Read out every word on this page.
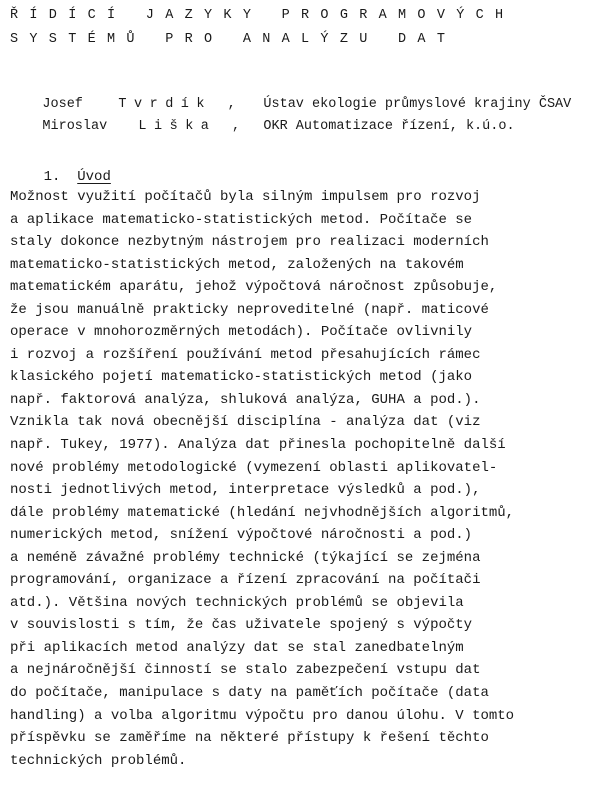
ŘÍDÍCÍ JAZYKY PROGRAMOVÝCH
SYSTÉMŮ PRO ANALÝZU DAT

Josef	Tvrdík , Ústav ekologie průmyslové krajiny ČSAV

Miroslav Liška , OKR Automatizace řízení, k.ú.o.

1. Úvod

Možnost využití počítačů byla silným impulsem pro rozvoj
a aplikace matematicko-statistických metod. Počítače se
staly dokonce nezbytným nástrojem pro realizaci moderních
matematicko-statistických metod, založených na takovém
matematickém aparátu, jehož výpočtová náročnost způsobuje,
že jsou manuálně prakticky neproveditelné (např. maticové
operace v mnohorozměrných metodách). Počítače ovlivnily
i rozvoj a rozšíření používání metod přesahujících rámec
klasického pojetí matematicko-statistických metod (jako
např. faktorová analýza, shluková analýza, GUHA a pod.).
Vznikla tak nová obecnější disciplína - analýza dat (viz
např. Tukey, 1977). Analýza dat přinesla pochopitelně další
nové problémy metodologické (vymezení oblasti aplikovatel-
nosti jednotlivých metod, interpretace výsledků a pod.),
dále problémy matematické (hledání nejvhodnějších algoritmů,
numerických metod, snížení výpočtové náročnosti a pod.)
a neméně závažné problémy technické (týkající se zejména
programování, organizace a řízení zpracování na počítači
atd.). Většina nových technických problémů se objevila
v souvislosti s tím, že čas uživatele spojený s výpočty
při aplikacích metod analýzy dat se stal zanedbatelným
a nejnáročnější činností se stalo zabezpečení vstupu dat
do počítače, manipulace s daty na paměťích počítače (data
handling) a volba algoritmu výpočtu pro danou úlohu. V tomto
příspěvku se zaměříme na některé přístupy k řešení těchto
technických problémů.
